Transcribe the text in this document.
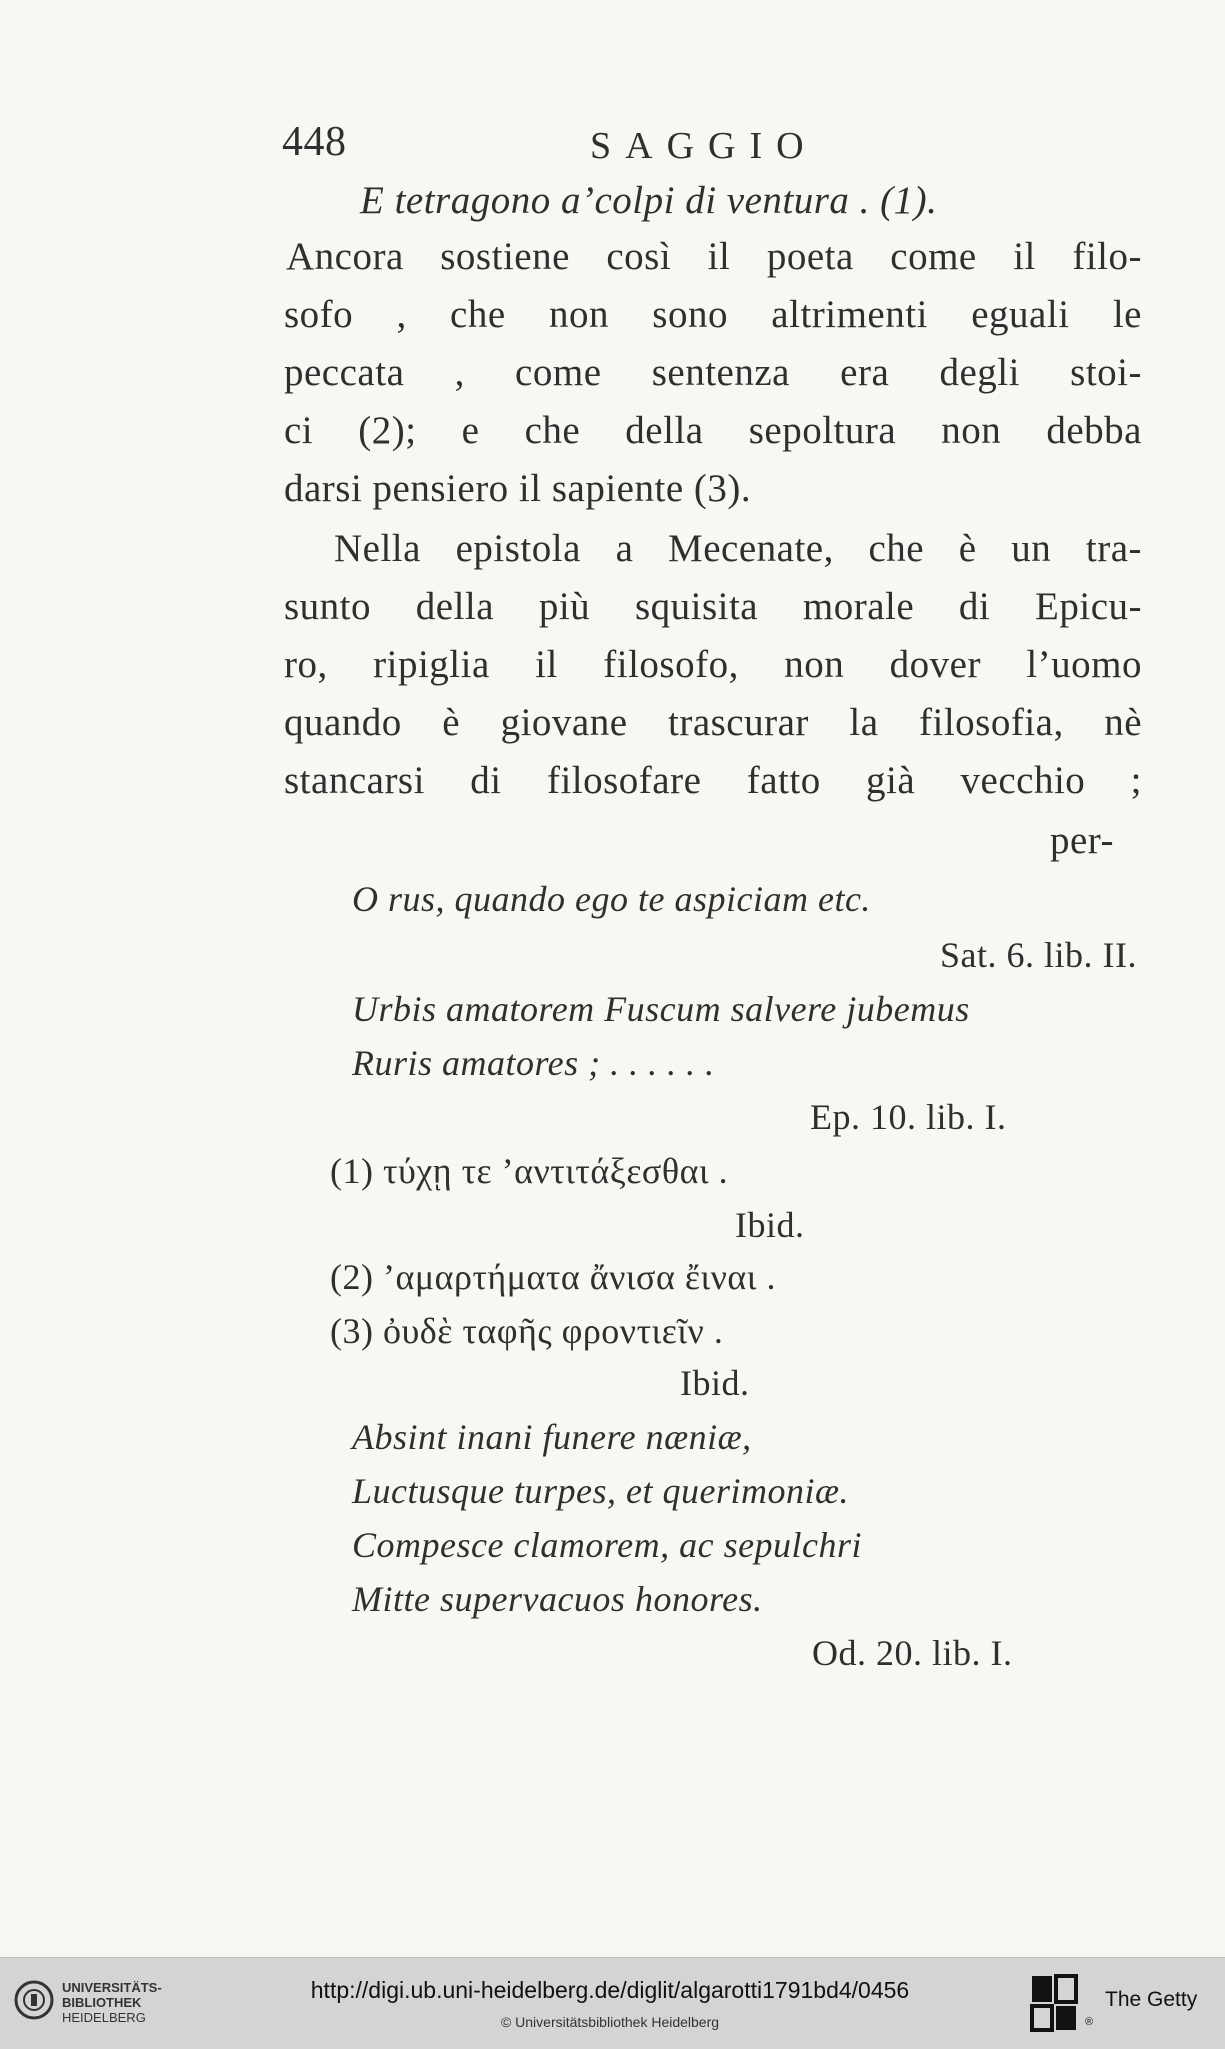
448	SAGGIO
E tetragono a’colpi di ventura . (1).
Ancora sostiene così il poeta come il filo-
sofo , che non sono altrimenti eguali le
peccata , come sentenza era degli stoi-
ci (2); e che della sepoltura non debba
darsi pensiero il sapiente (3).
Nella epistola a Mecenate, che è un tra-
sunto della più squisita morale di Epicu-
ro, ripiglia il filosofo, non dover l’uomo
quando è giovane trascurar la filosofia, nè
stancarsi di filosofare fatto già vecchio ;
per-
O rus, quando ego te aspiciam etc.
Sat. 6. lib. II.
Urbis amatorem Fuscum salvere jubemus
Ruris amatores ; . . . . . .
Ep. 10. lib. I.
(1) τύχῃ τε ’αντιτάξεσθαι .
Ibid.
(2) ’αμαρτήματα ἄνισα ἔιναι .
(3) ὀυδὲ ταφῆς φροντιεῖν .
Ibid.
Absint inani funere næniæ,
Luctusque turpes, et querimoniæ.
Compesce clamorem, ac sepulchri
Mitte supervacuos honores.
Od. 20. lib. I.
UNIVERSITÄTS-
BIBLIOTHEK
HEIDELBERG
http://digi.ub.uni-heidelberg.de/diglit/algarotti1791bd4/0456
© Universitätsbibliothek Heidelberg
The Getty
®
